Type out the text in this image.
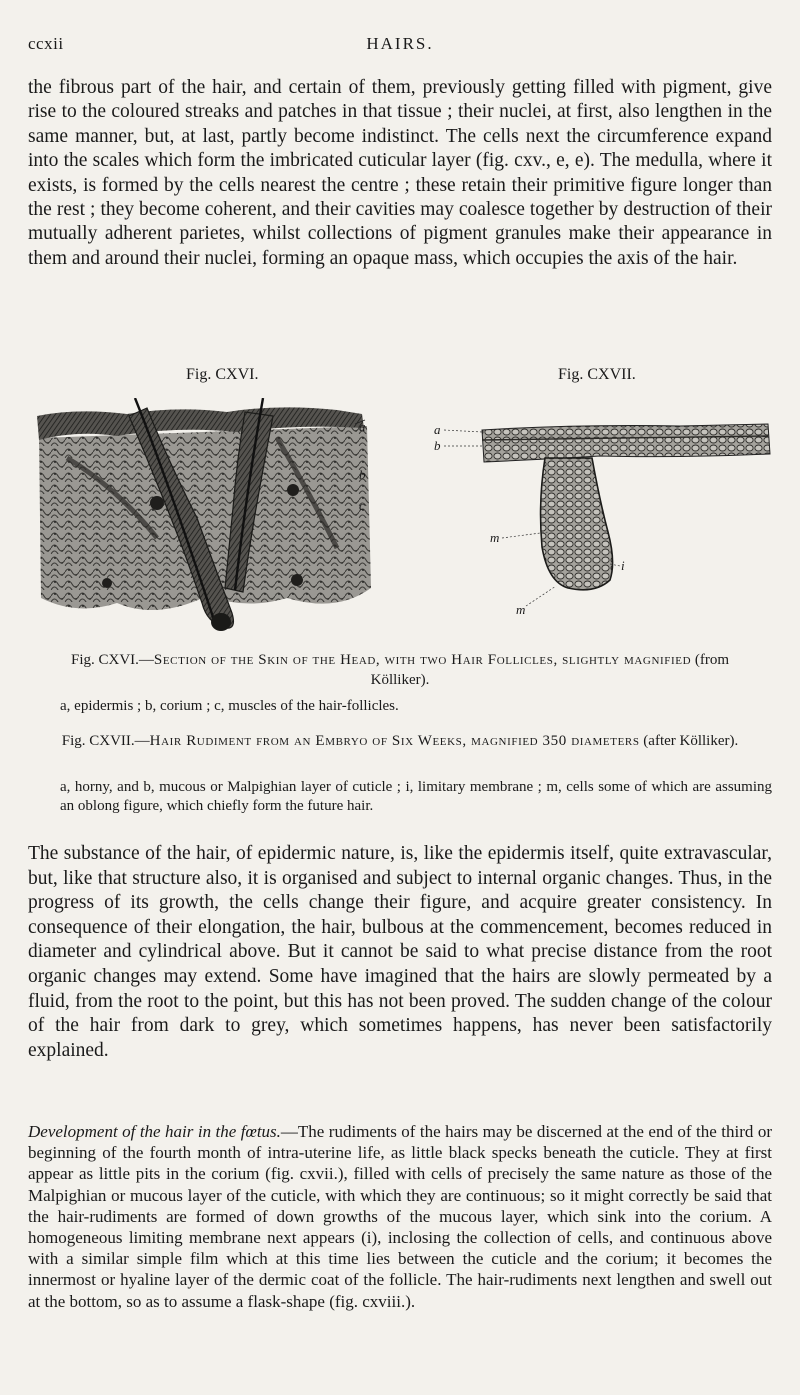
ccxii	HAIRS.

the fibrous part of the hair, and certain of them, previously getting filled with pigment, give rise to the coloured streaks and patches in that tissue ; their nuclei, at first, also lengthen in the same manner, but, at last, partly become indistinct. The cells next the circumference expand into the scales which form the imbricated cuticular layer (fig. cxv., e, e). The medulla, where it exists, is formed by the cells nearest the centre ; these retain their primitive figure longer than the rest ; they become coherent, and their cavities may coalesce together by destruction of their mutually adherent parietes, whilst collections of pigment granules make their appearance in them and around their nuclei, forming an opaque mass, which occupies the axis of the hair.

Fig. CXVI.	Fig. CXVII.
a
b
c
a
b
m
i
m

Fig. CXVI.—Section of the Skin of the Head, with two Hair Follicles, slightly magnified (from Kölliker).

a, epidermis ; b, corium ; c, muscles of the hair-follicles.

Fig. CXVII.—Hair Rudiment from an Embryo of Six Weeks, magnified 350 diameters (after Kölliker).

a, horny, and b, mucous or Malpighian layer of cuticle ; i, limitary membrane ; m, cells some of which are assuming an oblong figure, which chiefly form the future hair.

The substance of the hair, of epidermic nature, is, like the epidermis itself, quite extravascular, but, like that structure also, it is organised and subject to internal organic changes. Thus, in the progress of its growth, the cells change their figure, and acquire greater consistency. In consequence of their elongation, the hair, bulbous at the commencement, becomes reduced in diameter and cylindrical above. But it cannot be said to what precise distance from the root organic changes may extend. Some have imagined that the hairs are slowly permeated by a fluid, from the root to the point, but this has not been proved. The sudden change of the colour of the hair from dark to grey, which sometimes happens, has never been satisfactorily explained.

Development of the hair in the fœtus.—The rudiments of the hairs may be discerned at the end of the third or beginning of the fourth month of intra-uterine life, as little black specks beneath the cuticle. They at first appear as little pits in the corium (fig. cxvii.), filled with cells of precisely the same nature as those of the Malpighian or mucous layer of the cuticle, with which they are continuous; so it might correctly be said that the hair-rudiments are formed of down growths of the mucous layer, which sink into the corium. A homogeneous limiting membrane next appears (i), inclosing the collection of cells, and continuous above with a similar simple film which at this time lies between the cuticle and the corium; it becomes the innermost or hyaline layer of the dermic coat of the follicle. The hair-rudiments next lengthen and swell out at the bottom, so as to assume a flask-shape (fig. cxviii.).
